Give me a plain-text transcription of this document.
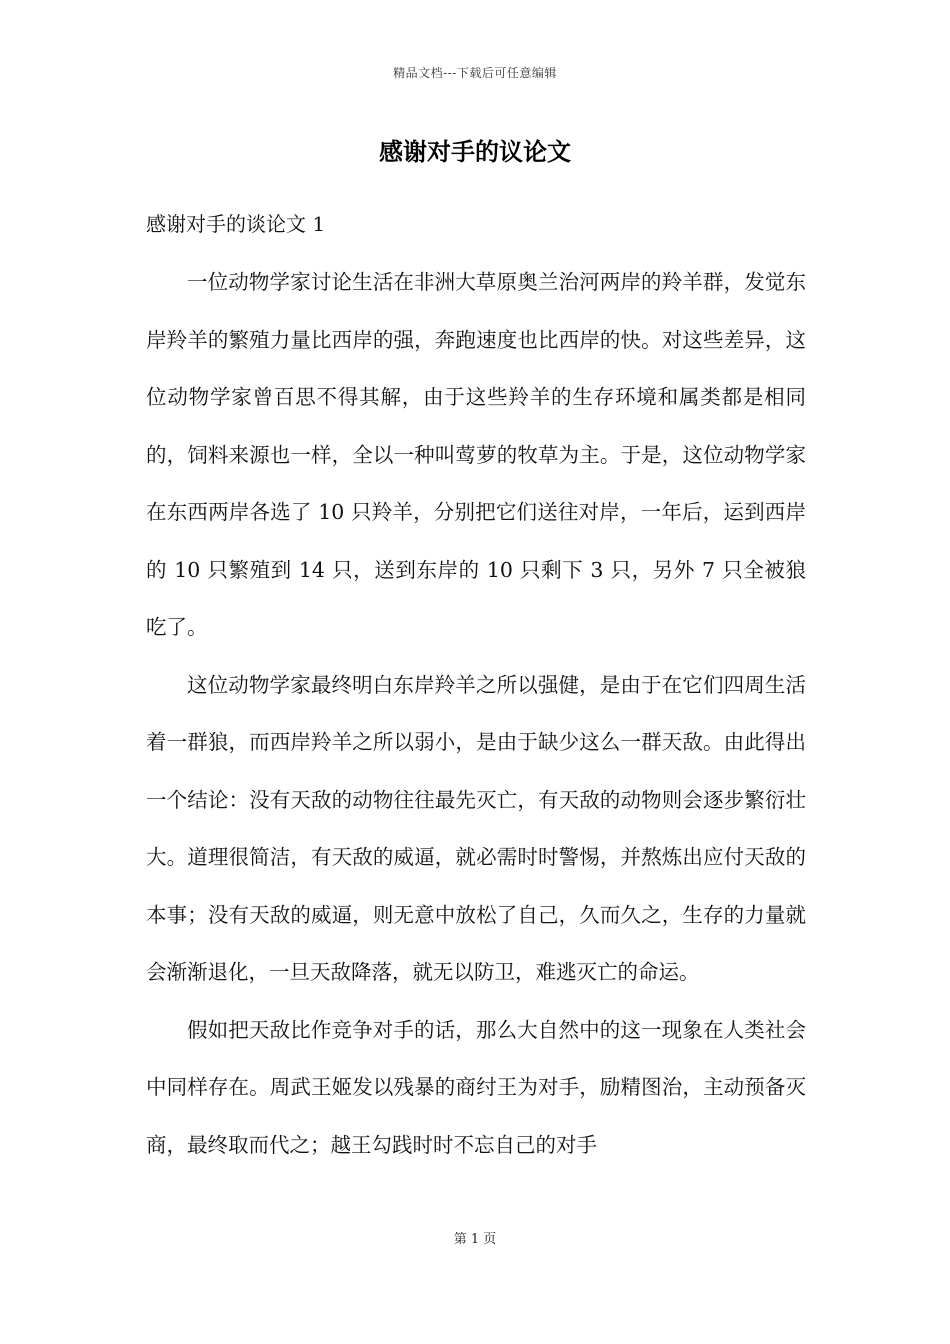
精品文档---下载后可任意编辑
感谢对手的议论文

感谢对手的谈论文 1

一位动物学家讨论生活在非洲大草原奥兰治河两岸的羚羊群，发觉东岸羚羊的繁殖力量比西岸的强，奔跑速度也比西岸的快。对这些差异，这位动物学家曾百思不得其解，由于这些羚羊的生存环境和属类都是相同的，饲料来源也一样，全以一种叫莺萝的牧草为主。于是，这位动物学家在东西两岸各选了 10 只羚羊，分别把它们送往对岸，一年后，运到西岸的 10 只繁殖到 14 只，送到东岸的 10 只剩下 3 只，另外 7 只全被狼吃了。

这位动物学家最终明白东岸羚羊之所以强健，是由于在它们四周生活着一群狼，而西岸羚羊之所以弱小，是由于缺少这么一群天敌。由此得出一个结论：没有天敌的动物往往最先灭亡，有天敌的动物则会逐步繁衍壮大。道理很简洁，有天敌的威逼，就必需时时警惕，并熬炼出应付天敌的本事；没有天敌的威逼，则无意中放松了自己，久而久之，生存的力量就会渐渐退化，一旦天敌降落，就无以防卫，难逃灭亡的命运。

假如把天敌比作竞争对手的话，那么大自然中的这一现象在人类社会中同样存在。周武王姬发以残暴的商纣王为对手，励精图治，主动预备灭商，最终取而代之；越王勾践时时不忘自己的对手

第 1 页
